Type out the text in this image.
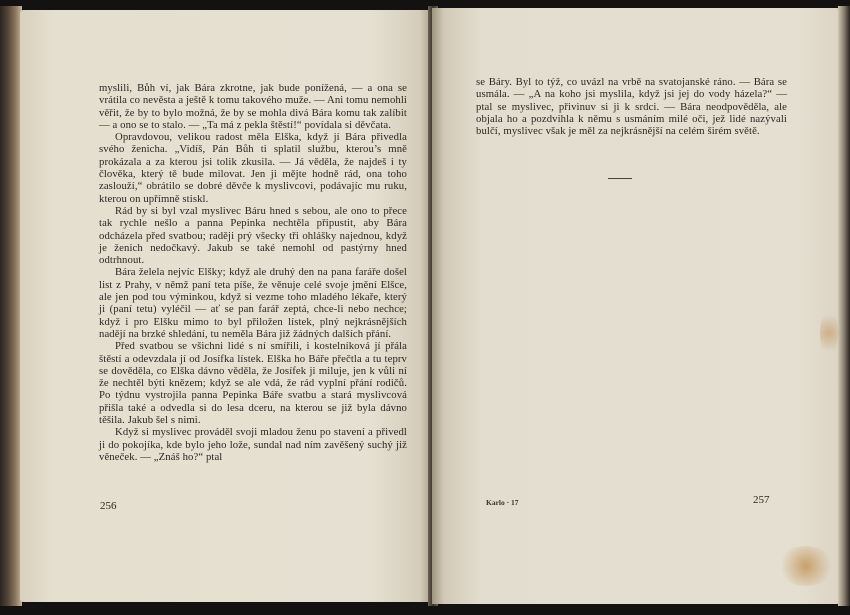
myslili, Bůh ví, jak Bára zkrotne, jak bude ponížená, — a ona se vrátila co nevěsta a ještě k tomu takového muže. — Ani tomu nemohli věřit, že by to bylo možná, že by se mohla divá Bára komu tak zalíbit — a ono se to stalo. — „Ta má z pekla štěstí!“ povídala si děvčata.

Opravdovou, velikou radost měla Elška, když jí Bára přivedla svého ženicha. „Vidíš, Pán Bůh ti splatil službu, kterou’s mně prokázala a za kterou jsi tolik zkusila. — Já věděla, že najdeš i ty člověka, který tě bude milovat. Jen ji mějte hodně rád, ona toho zaslouží,“ obrátilo se dobré děvče k myslivcovi, podávajíc mu ruku, kterou on upřímně stiskl.

Rád by si byl vzal myslivec Báru hned s sebou, ale ono to přece tak rychle nešlo a panna Pepinka nechtěla připustit, aby Bára odcházela před svatbou; raději prý všecky tři ohlášky najednou, když je ženich nedočkavý. Jakub se také nemohl od pastýrny hned odtrhnout.

Bára želela nejvíc Elšky; když ale druhý den na pana faráře došel list z Prahy, v němž paní teta píše, že věnuje celé svoje jmění Elšce, ale jen pod tou výminkou, když si vezme toho mladého lékaře, který ji (paní tetu) vyléčil — ať se pan farář zeptá, chce-li nebo nechce; když i pro Elšku mimo to byl přiložen lístek, plný nejkrásnějších nadějí na brzké shledání, tu neměla Bára již žádných dalších přání.

Před svatbou se všichni lidé s ní smířili, i kostelníková jí přála štěstí a odevzdala jí od Josífka lístek. Elška ho Báře přečtla a tu teprv se dověděla, co Elška dávno věděla, že Josífek ji miluje, jen k vůli ní že nechtěl býti knězem; když se ale vdá, že rád vyplní přání rodičů. Po týdnu vystrojila panna Pepinka Báře svatbu a stará myslivcová přišla také a odvedla si do lesa dceru, na kterou se již byla dávno těšila. Jakub šel s nimi.

Když si myslivec prováděl svoji mladou ženu po stavení a přivedl ji do pokojíka, kde bylo jeho lože, sundal nad ním zavěšený suchý již věneček. — „Znáš ho?“ ptal

256

se Báry. Byl to týž, co uvázl na vrbě na svatojanské ráno. — Bára se usmála. — „A na koho jsi myslila, když jsi jej do vody házela?“ — ptal se myslivec, přivinuv si ji k srdci. — Bára neodpověděla, ale objala ho a pozdvihla k němu s usmáním milé oči, jež lidé nazývali bulčí, myslivec však je měl za nejkrásnější na celém širém světě.

Karlo · 17	257
